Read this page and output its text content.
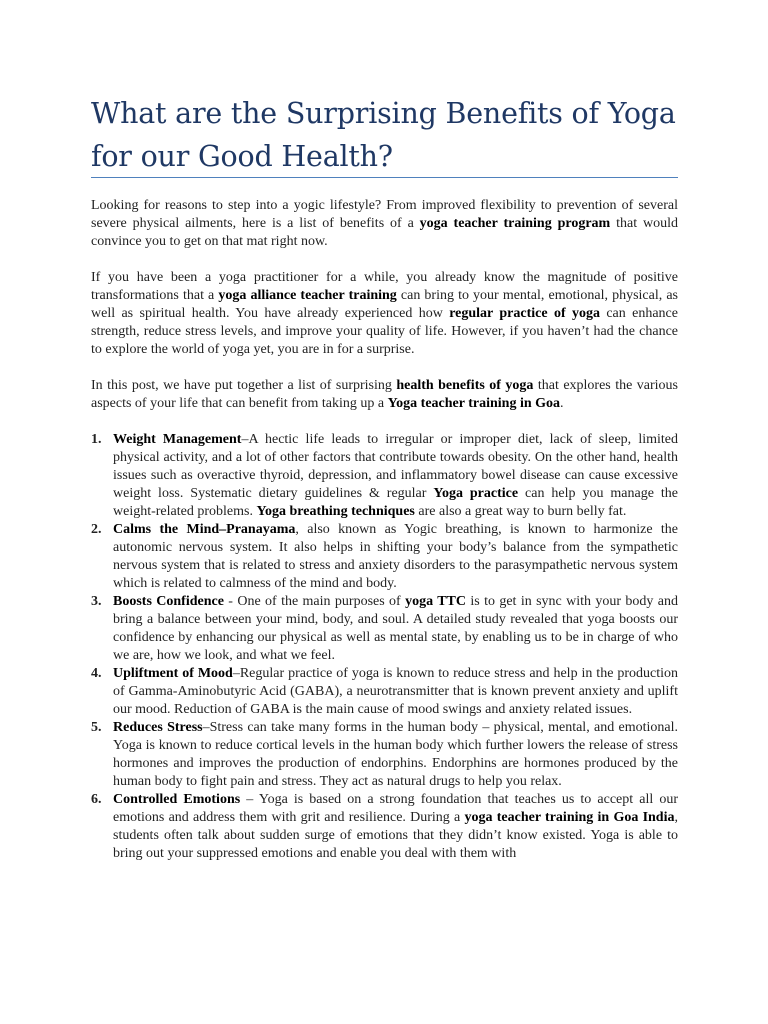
What are the Surprising Benefits of Yoga for our Good Health?

Looking for reasons to step into a yogic lifestyle? From improved flexibility to prevention of several severe physical ailments, here is a list of benefits of a yoga teacher training program that would convince you to get on that mat right now.

If you have been a yoga practitioner for a while, you already know the magnitude of positive transformations that a yoga alliance teacher training can bring to your mental, emotional, physical, as well as spiritual health. You have already experienced how regular practice of yoga can enhance strength, reduce stress levels, and improve your quality of life. However, if you haven’t had the chance to explore the world of yoga yet, you are in for a surprise.

In this post, we have put together a list of surprising health benefits of yoga that explores the various aspects of your life that can benefit from taking up a Yoga teacher training in Goa.

1. Weight Management–A hectic life leads to irregular or improper diet, lack of sleep, limited physical activity, and a lot of other factors that contribute towards obesity. On the other hand, health issues such as overactive thyroid, depression, and inflammatory bowel disease can cause excessive weight loss. Systematic dietary guidelines & regular Yoga practice can help you manage the weight-related problems. Yoga breathing techniques are also a great way to burn belly fat.
2. Calms the Mind–Pranayama, also known as Yogic breathing, is known to harmonize the autonomic nervous system. It also helps in shifting your body’s balance from the sympathetic nervous system that is related to stress and anxiety disorders to the parasympathetic nervous system which is related to calmness of the mind and body.
3. Boosts Confidence - One of the main purposes of yoga TTC is to get in sync with your body and bring a balance between your mind, body, and soul. A detailed study revealed that yoga boosts our confidence by enhancing our physical as well as mental state, by enabling us to be in charge of who we are, how we look, and what we feel.
4. Upliftment of Mood–Regular practice of yoga is known to reduce stress and help in the production of Gamma-Aminobutyric Acid (GABA), a neurotransmitter that is known prevent anxiety and uplift our mood. Reduction of GABA is the main cause of mood swings and anxiety related issues.
5. Reduces Stress–Stress can take many forms in the human body – physical, mental, and emotional. Yoga is known to reduce cortical levels in the human body which further lowers the release of stress hormones and improves the production of endorphins. Endorphins are hormones produced by the human body to fight pain and stress. They act as natural drugs to help you relax.
6. Controlled Emotions – Yoga is based on a strong foundation that teaches us to accept all our emotions and address them with grit and resilience. During a yoga teacher training in Goa India, students often talk about sudden surge of emotions that they didn’t know existed. Yoga is able to bring out your suppressed emotions and enable you deal with them with
